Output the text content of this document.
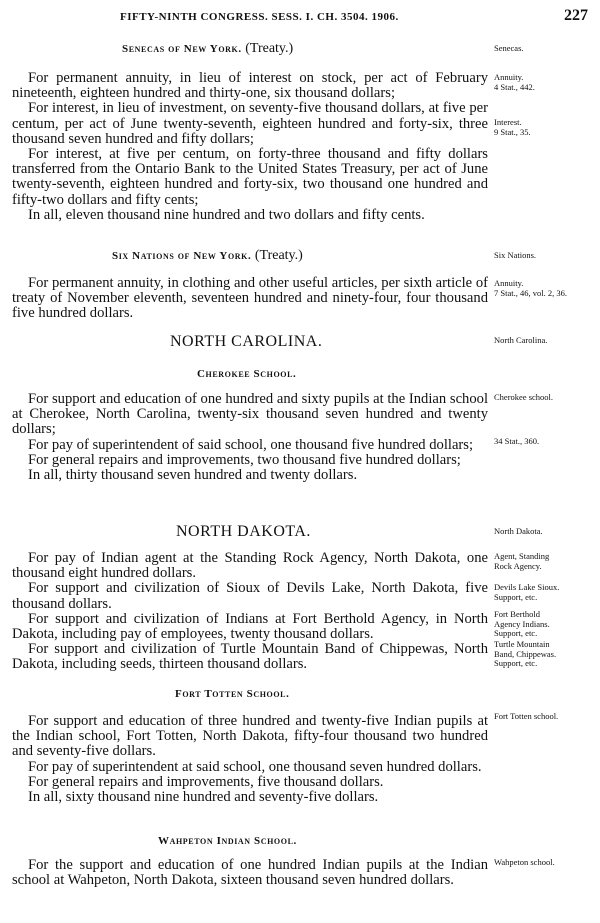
FIFTY-NINTH CONGRESS. SESS. I. CH. 3504. 1906.	227
Senecas of New York. (Treaty.)	Senecas.

For permanent annuity, in lieu of interest on stock, per act of February nineteenth, eighteen hundred and thirty-one, six thousand dollars;

For interest, in lieu of investment, on seventy-five thousand dollars, at five per centum, per act of June twenty-seventh, eighteen hundred and forty-six, three thousand seven hundred and fifty dollars;

For interest, at five per centum, on forty-three thousand and fifty dollars transferred from the Ontario Bank to the United States Treasury, per act of June twenty-seventh, eighteen hundred and forty-six, two thousand one hundred and fifty-two dollars and fifty cents;

In all, eleven thousand nine hundred and two dollars and fifty cents.

Annuity.
4 Stat., 442.
Interest.
9 Stat., 35.
Six Nations of New York. (Treaty.)	Six Nations.

For permanent annuity, in clothing and other useful articles, per sixth article of treaty of November eleventh, seventeen hundred and ninety-four, four thousand five hundred dollars.

Annuity.
7 Stat., 46, vol. 2, 36.
NORTH CAROLINA.	North Carolina.
Cherokee School.

For support and education of one hundred and sixty pupils at the Indian school at Cherokee, North Carolina, twenty-six thousand seven hundred and twenty dollars;

For pay of superintendent of said school, one thousand five hundred dollars;

For general repairs and improvements, two thousand five hundred dollars;

In all, thirty thousand seven hundred and twenty dollars.

Cherokee school.
34 Stat., 360.
NORTH DAKOTA.	North Dakota.

For pay of Indian agent at the Standing Rock Agency, North Dakota, one thousand eight hundred dollars.

For support and civilization of Sioux of Devils Lake, North Dakota, five thousand dollars.

For support and civilization of Indians at Fort Berthold Agency, in North Dakota, including pay of employees, twenty thousand dollars.

For support and civilization of Turtle Mountain Band of Chippewas, North Dakota, including seeds, thirteen thousand dollars.

Agent, Standing
Rock Agency.
Devils Lake Sioux.
Support, etc.
Fort Berthold
Agency Indians.
Support, etc.
Turtle Mountain
Band, Chippewas.
Support, etc.
Fort Totten School.
Fort Totten school.

For support and education of three hundred and twenty-five Indian pupils at the Indian school, Fort Totten, North Dakota, fifty-four thousand two hundred and seventy-five dollars.

For pay of superintendent at said school, one thousand seven hundred dollars.

For general repairs and improvements, five thousand dollars.

In all, sixty thousand nine hundred and seventy-five dollars.

Wahpeton Indian School.
Wahpeton school.

For the support and education of one hundred Indian pupils at the Indian school at Wahpeton, North Dakota, sixteen thousand seven hundred dollars.
